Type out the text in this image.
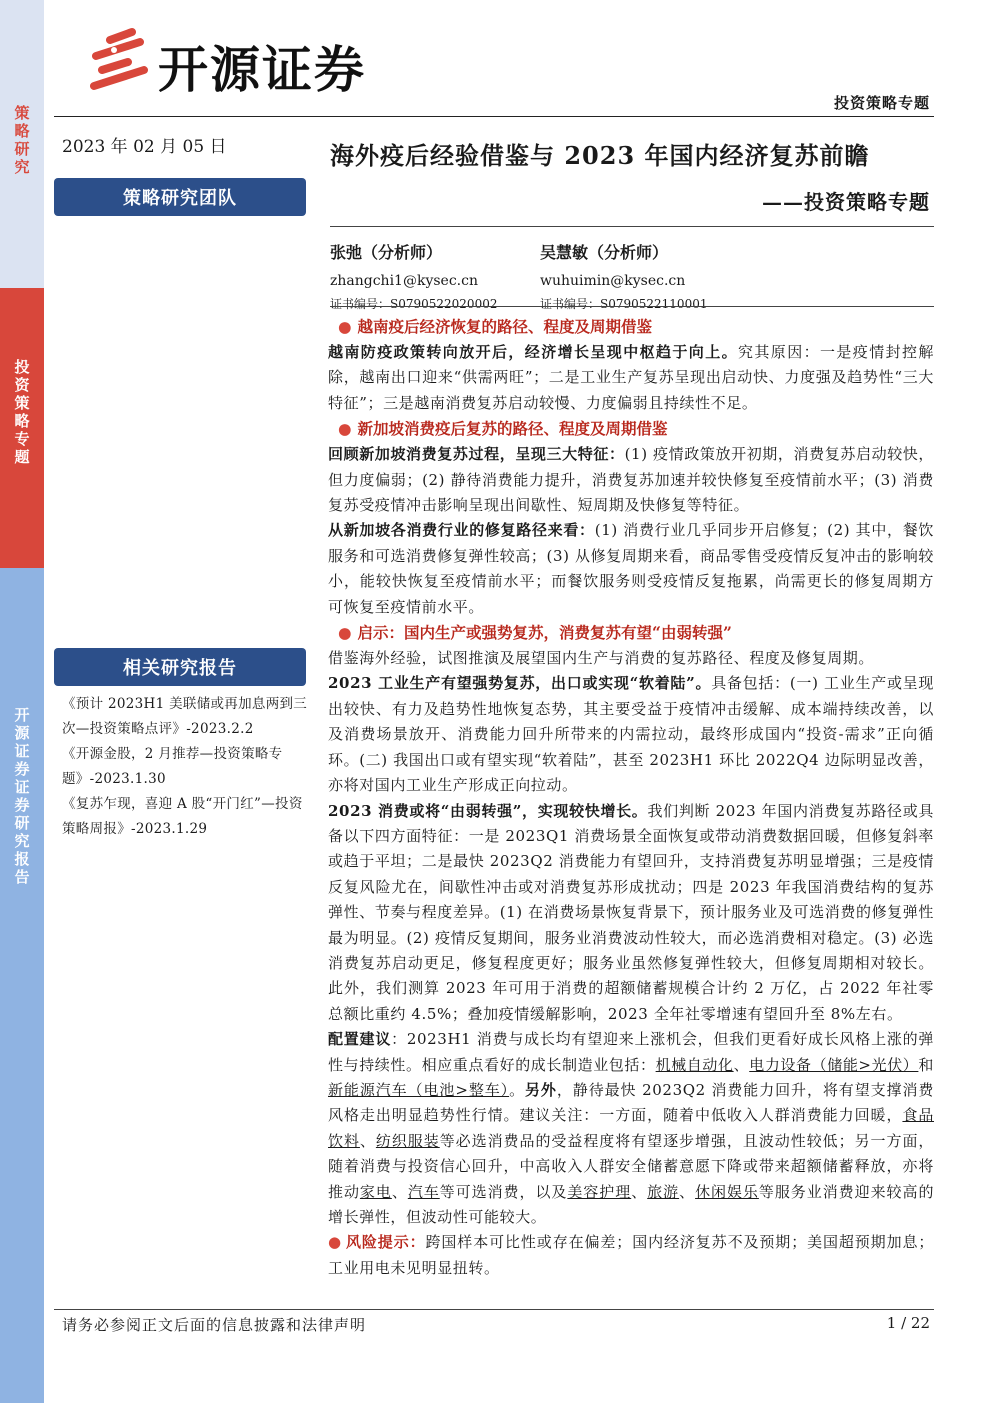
策略研究
投资策略专题
开源证券 证券研究报告
开源证券
投资策略专题
2023 年 02 月 05 日	海外疫后经验借鉴与 2023 年国内经济复苏前瞻
——投资策略专题
策略研究团队
张弛（分析师）
zhangchi1@kysec.cn
证书编号：S0790522020002
吴慧敏（分析师）
wuhuimin@kysec.cn
证书编号：S0790522110001
● 越南疫后经济恢复的路径、程度及周期借鉴

越南防疫政策转向放开后，经济增长呈现中枢趋于向上。究其原因：一是疫情封控解除，越南出口迎来“供需两旺”；二是工业生产复苏呈现出启动快、力度强及趋势性“三大特征”；三是越南消费复苏启动较慢、力度偏弱且持续性不足。

● 新加坡消费疫后复苏的路径、程度及周期借鉴

回顾新加坡消费复苏过程，呈现三大特征：(1) 疫情政策放开初期，消费复苏启动较快，但力度偏弱；(2) 静待消费能力提升，消费复苏加速并较快修复至疫情前水平；(3) 消费复苏受疫情冲击影响呈现出间歇性、短周期及快修复等特征。

从新加坡各消费行业的修复路径来看：(1) 消费行业几乎同步开启修复；(2) 其中，餐饮服务和可选消费修复弹性较高；(3) 从修复周期来看，商品零售受疫情反复冲击的影响较小，能较快恢复至疫情前水平；而餐饮服务则受疫情反复拖累，尚需更长的修复周期方可恢复至疫情前水平。

● 启示：国内生产或强势复苏，消费复苏有望“由弱转强”

借鉴海外经验，试图推演及展望国内生产与消费的复苏路径、程度及修复周期。

2023 工业生产有望强势复苏，出口或实现“软着陆”。具备包括：(一) 工业生产或呈现出较快、有力及趋势性地恢复态势，其主要受益于疫情冲击缓解、成本端持续改善，以及消费场景放开、消费能力回升所带来的内需拉动，最终形成国内“投资-需求”正向循环。(二) 我国出口或有望实现“软着陆”，甚至 2023H1 环比 2022Q4 边际明显改善，亦将对国内工业生产形成正向拉动。

2023 消费或将“由弱转强”，实现较快增长。我们判断 2023 年国内消费复苏路径或具备以下四方面特征：一是 2023Q1 消费场景全面恢复或带动消费数据回暖，但修复斜率或趋于平坦；二是最快 2023Q2 消费能力有望回升，支持消费复苏明显增强；三是疫情反复风险尤在，间歇性冲击或对消费复苏形成扰动；四是 2023 年我国消费结构的复苏弹性、节奏与程度差异。(1) 在消费场景恢复背景下，预计服务业及可选消费的修复弹性最为明显。(2) 疫情反复期间，服务业消费波动性较大，而必选消费相对稳定。(3) 必选消费复苏启动更足，修复程度更好；服务业虽然修复弹性较大，但修复周期相对较长。此外，我们测算 2023 年可用于消费的超额储蓄规模合计约 2 万亿，占 2022 年社零总额比重约 4.5%；叠加疫情缓解影响，2023 全年社零增速有望回升至 8%左右。

配置建议：2023H1 消费与成长均有望迎来上涨机会，但我们更看好成长风格上涨的弹性与持续性。相应重点看好的成长制造业包括：机械自动化、电力设备（储能>光伏）和新能源汽车（电池>整车）。另外，静待最快 2023Q2 消费能力回升，将有望支撑消费风格走出明显趋势性行情。建议关注：一方面，随着中低收入人群消费能力回暖，食品饮料、纺织服装等必选消费品的受益程度将有望逐步增强，且波动性较低；另一方面，随着消费与投资信心回升，中高收入人群安全储蓄意愿下降或带来超额储蓄释放，亦将推动家电、汽车等可选消费，以及美容护理、旅游、休闲娱乐等服务业消费迎来较高的增长弹性，但波动性可能较大。

● 风险提示：跨国样本可比性或存在偏差；国内经济复苏不及预期；美国超预期加息；工业用电未见明显扭转。

相关研究报告
《预计 2023H1 美联储或再加息两到三次—投资策略点评》-2023.2.2
《开源金股，2 月推荐—投资策略专题》-2023.1.30
《复苏乍现，喜迎 A 股“开门红”—投资策略周报》-2023.1.29
请务必参阅正文后面的信息披露和法律声明	1 / 22
